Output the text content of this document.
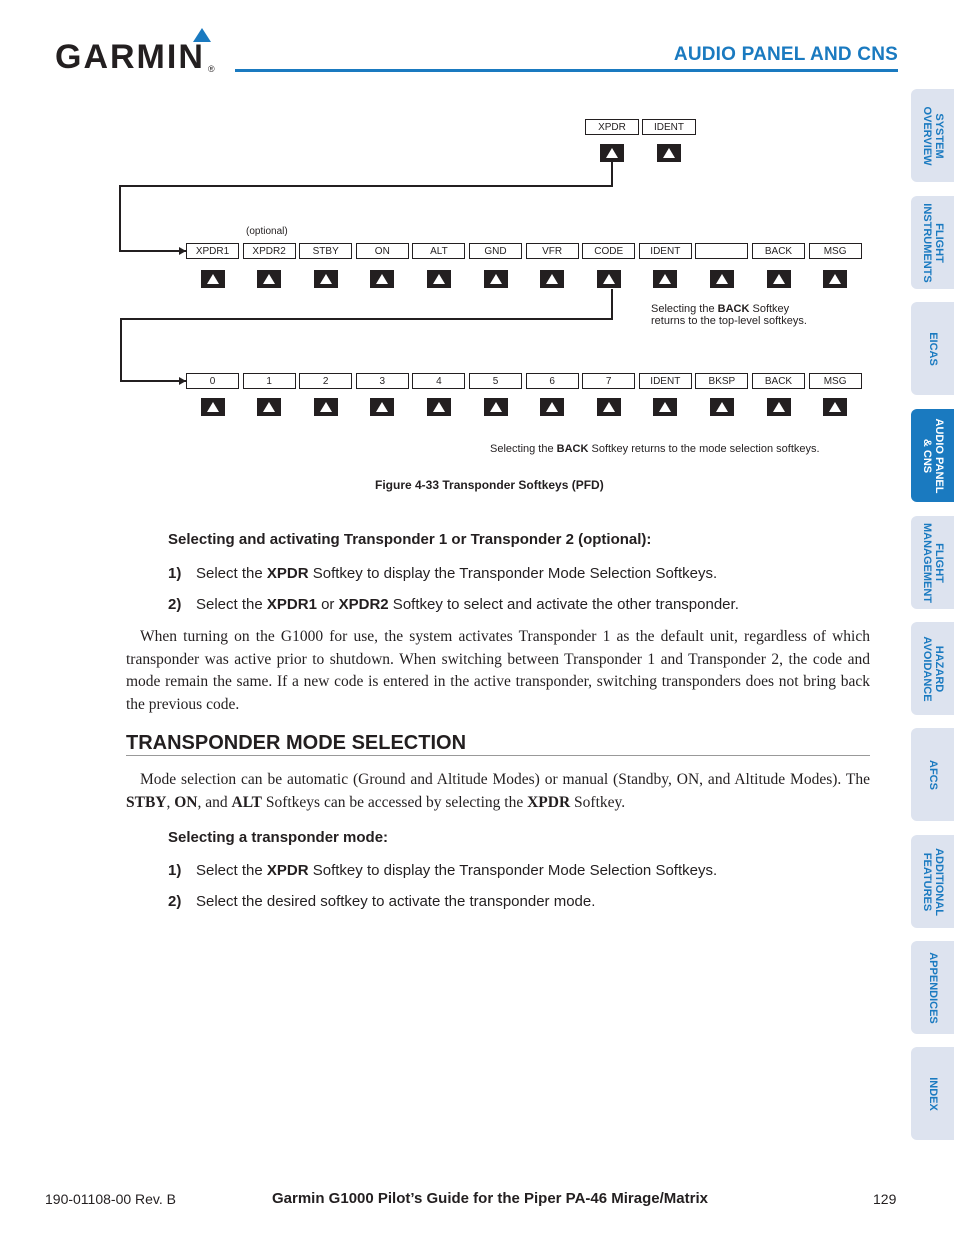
GARMIN ®
AUDIO PANEL AND CNS
SYSTEM
OVERVIEW
FLIGHT
INSTRUMENTS
EICAS
AUDIO PANEL
& CNS
FLIGHT
MANAGEMENT
HAZARD
AVOIDANCE
AFCS
ADDITIONAL
FEATURES
APPENDICES
INDEX
(optional)
Selecting the BACK Softkey
returns to the top-level softkeys.
Selecting the BACK Softkey returns to the mode selection softkeys.
Figure 4-33 Transponder Softkeys (PFD)
XPDR	IDENT
XPDR1	XPDR2	STBY	ON	ALT	GND	VFR	CODE	IDENT	BACK	MSG
0	1	2	3	4	5	6	7	IDENT	BKSP	BACK	MSG
Selecting and activating Transponder 1 or Transponder 2 (optional):
1) Select the XPDR Softkey to display the Transponder Mode Selection Softkeys.
2) Select the XPDR1 or XPDR2 Softkey to select and activate the other transponder.
When turning on the G1000 for use, the system activates Transponder 1 as the default unit, regardless of which transponder was active prior to shutdown. When switching between Transponder 1 and Transponder 2, the code and mode remain the same. If a new code is entered in the active transponder, switching transponders does not bring back the previous code.
TRANSPONDER MODE SELECTION
Mode selection can be automatic (Ground and Altitude Modes) or manual (Standby, ON, and Altitude Modes). The STBY, ON, and ALT Softkeys can be accessed by selecting the XPDR Softkey.
Selecting a transponder mode:
1) Select the XPDR Softkey to display the Transponder Mode Selection Softkeys.
2) Select the desired softkey to activate the transponder mode.
190-01108-00 Rev. B	Garmin G1000 Pilot’s Guide for the Piper PA-46 Mirage/Matrix	129
